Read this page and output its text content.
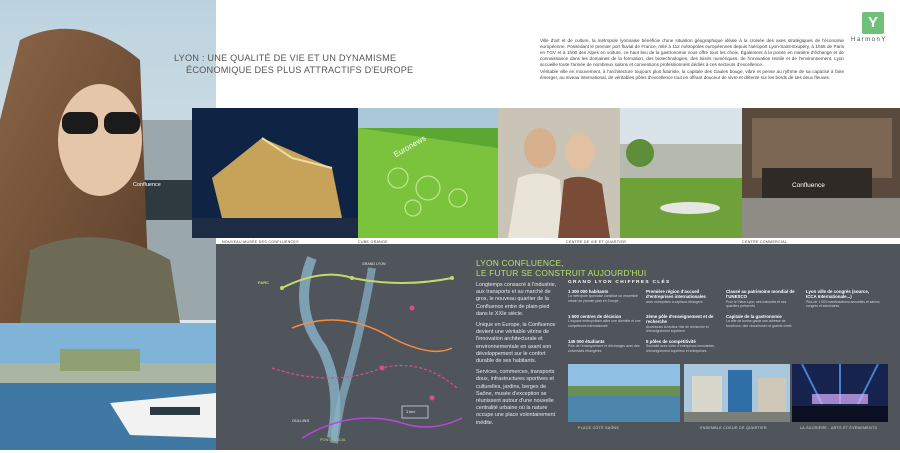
Confluence
Y
HarmonY
LYON : UNE QUALITÉ DE VIE ET UN DYNAMISME
ÉCONOMIQUE DES PLUS ATTRACTIFS D'EUROPE
Ville d'art et de culture, la métropole lyonnaise bénéficie d'une situation géographique idéale à la croisée des axes stratégiques de l'économie européenne. Possédant le premier port fluvial de France, relié à 112 métropoles européennes depuis l'aéroport Lyon-Saint-Exupéry, à 1h55 de Paris en TGV et à 1h00 des Alpes en voiture, ce haut lieu de la gastronomie vous offre tous les choix. Également à la pointe en matière d'échange et de connaissance dans les domaines de la formation, des biotechnologies, des loisirs numériques, de l'innovation textile et de l'environnement, Lyon accueille toute l'année de nombreux salons et conventions professionnels dédiés à ces secteurs d'excellence.
Véritable ville en mouvement, à l'architecture toujours plus futuriste, la capitale des Gaules bouge, vibre et pense au rythme de sa capacité à faire émerger, au niveau international, de véritables pôles d'excellence tout en offrant douceur de vivre et détente sur les bords de ses deux fleuves.
Euronews
Confluence
NOUVEAU MUSÉE DES CONFLUENCES	CUBE ORANGE	CENTRE DE VIE ET QUARTIER	CENTRE COMMERCIAL
PARC
GRAND LYON
OULLINS
PONT PASCAL
1 km
LYON CONFLUENCE,
LE FUTUR SE CONSTRUIT AUJOURD'HUI

Longtemps consacré à l'industrie, aux transports et au marché de gros, le nouveau quartier de la Confluence entre de plain-pied dans le XXIe siècle.

Unique en Europe, la Confluence devient une véritable vitrine de l'innovation architecturale et environnementale en axant son développement sur le confort durable de ses habitants.

Services, commerces, transports doux, infrastructures sportives et culturelles, jardins, berges de Saône, musée d'exception se réunissent autour d'une nouvelle centralité urbaine où la nature occupe une place volontairement inédite.

GRAND LYON CHIFFRES CLÉS
1 300 000 habitants
La métropole lyonnaise constitue un ensemble urbain de premier plan en Europe
1 500 centres de décision
L'espace métropolitain attire une clientèle et une compétence internationale
145 000 étudiants
Pôle de l'enseignement et d'échanges avec des universités étrangères
Première région d'accueil d'entreprises internationales
avec entreprises à capitaux étrangers
2ème pôle d'enseignement et de recherche
Accentuant la lecteur rôle de recherche et d'enseignement supérieur
5 pôles de compétitivité
Souhaité avec vivier d'entreprises innovantes, d'enseignement supérieur et entreprises
Classé au patrimoine mondial de l'UNESCO
Pour le Vieux Lyon, ses traboules et ses quartiers préservés
Capitale de la gastronomie
La ville de bonne garde une adresse de bouchons, des «bouchons» et grands chefs
Lyon ville de congrès (source, ICCA Internationale...)
Plus de 1 000 manifestations annuelles et salons congrès et séminaires
PLACE CÔTÉ SAÔNE	ENSEMBLE COEUR DE QUARTIER	LA SUCRIÈRE - ARTS ET ÉVÈNEMENTS
